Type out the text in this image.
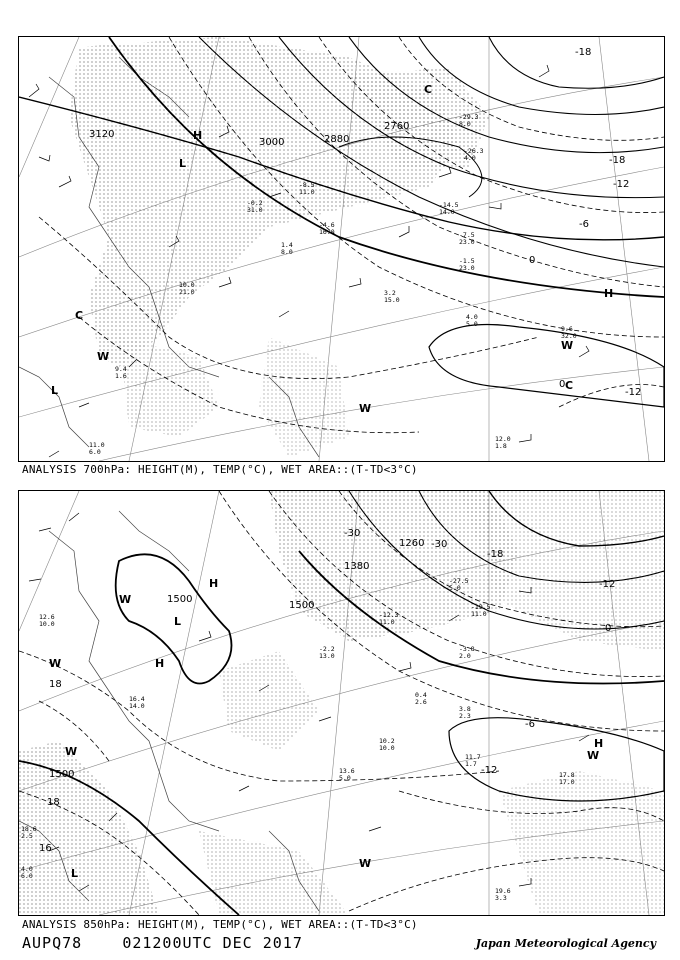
3120
3000	2880
2760
-18
-18
-12
-6
0
0
-12
H
L
L
C
H
W
W
C
W
C
-29.3
8.0
-26.3
4.0
-14.5
14.0
-8.5
11.0
-7.5
23.0
-1.5
23.0
3.2
15.0
4.0
5.0
9.6
32.0
12.0
1.8
11.0
6.0
9.4
1.6
10.0
21.0
-4.6
16.0
-0.2
31.0
1.4
8.0
ANALYSIS 700hPa: HEIGHT(M), TEMP(°C), WET AREA::(T-TD<3°C)
1500
1500
1380
1260
1500
-30
-30
-18
-12
-6
-12
18
18
16
0
H
W
L
H
W
L
H
W
W
W
-27.5
5.0
-19.5
11.0
-12.3
11.0
-3.8
2.0
0.4
2.6
3.8
2.3
10.2
10.0
13.6
5.0	17.8
17.0
19.6
3.3
18.6
2.5
16.4
14.0
4.0
6.0
-2.2
13.0
11.7
1.7
12.6
10.0
ANALYSIS 850hPa: HEIGHT(M), TEMP(°C), WET AREA::(T-TD<3°C)
AUPQ78	021200UTC DEC 2017	Japan Meteorological Agency
